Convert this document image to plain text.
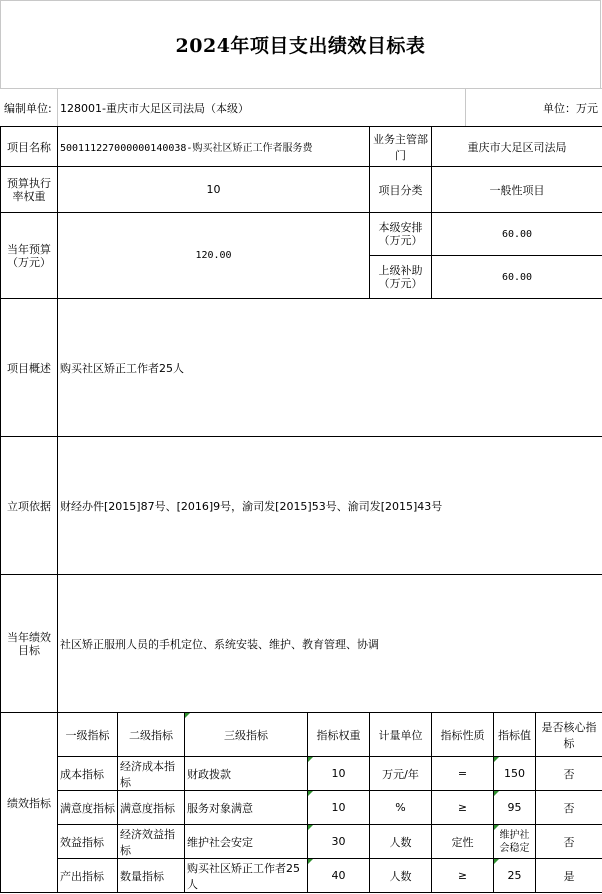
2024年项目支出绩效目标表
编制单位: 128001-重庆市大足区司法局（本级）	单位：万元
项目名称	500111227000000140038-购买社区矫正工作者服务费				业务主管部门	重庆市大足区司法局		
预算执行率权重	10				项目分类	一般性项目		
当年预算（万元）	120.00				本级安排（万元）	60.00		
					上级补助（万元）	60.00		
项目概述	购买社区矫正工作者25人							
立项依据	财经办件[2015]87号、[2016]9号，渝司发[2015]53号、渝司发[2015]43号							
当年绩效目标	社区矫正服刑人员的手机定位、系统安装、维护、教育管理、协调							
绩效指标	一级指标	二级指标	三级指标	指标权重	计量单位	指标性质	指标值	是否核心指标
	成本指标	经济成本指标	财政拨款	10	万元/年	=	150	否
	满意度指标	满意度指标	服务对象满意	10	%	≥	95	否
	效益指标	经济效益指标	维护社会安定	30	人数	定性	维护社会稳定	否
	产出指标	数量指标	购买社区矫正工作者25人	40	人数	≥	25	是
